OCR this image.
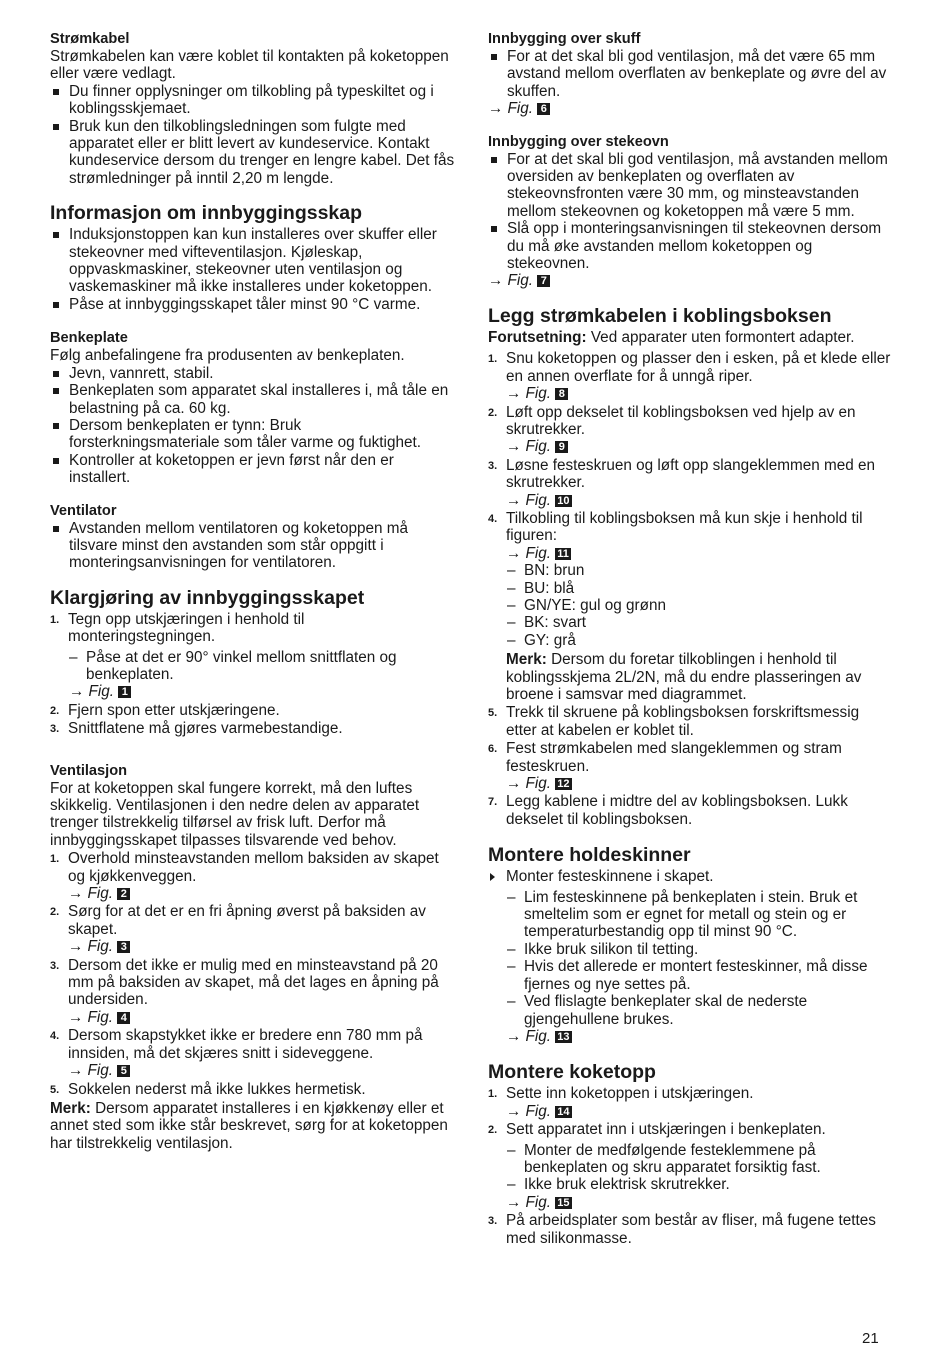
Strømkabel

Strømkabelen kan være koblet til kontakten på koketoppen eller være vedlagt.

Du finner opplysninger om tilkobling på typeskiltet og i koblingsskjemaet.
Bruk kun den tilkoblingsledningen som fulgte med apparatet eller er blitt levert av kundeservice. Kontakt kundeservice dersom du trenger en lengre kabel. Det fås strømledninger på inntil 2,20 m lengde.
Informasjon om innbyggingsskap
Induksjonstoppen kan kun installeres over skuffer eller stekeovner med vifteventilasjon. Kjøleskap, oppvaskmaskiner, stekeovner uten ventilasjon og vaskemaskiner må ikke installeres under koketoppen.
Påse at innbyggingsskapet tåler minst 90 °C varme.
Benkeplate

Følg anbefalingene fra produsenten av benkeplaten.

Jevn, vannrett, stabil.
Benkeplaten som apparatet skal installeres i, må tåle en belastning på ca. 60 kg.
Dersom benkeplaten er tynn: Bruk forsterkningsmateriale som tåler varme og fuktighet.
Kontroller at koketoppen er jevn først når den er installert.
Ventilator
Avstanden mellom ventilatoren og koketoppen må tilsvare minst den avstanden som står oppgitt i monteringsanvisningen for ventilatoren.
Klargjøring av innbyggingsskapet
1. Tegn opp utskjæringen i henhold til monteringstegningen.
– Påse at det er 90° vinkel mellom snittflaten og benkeplaten.
→ Fig. 1
2. Fjern spon etter utskjæringene.
3. Snittflatene må gjøres varmebestandige.
Ventilasjon

For at koketoppen skal fungere korrekt, må den luftes skikkelig. Ventilasjonen i den nedre delen av apparatet trenger tilstrekkelig tilførsel av frisk luft. Derfor må innbyggingsskapet tilpasses tilsvarende ved behov.

1. Overhold minsteavstanden mellom baksiden av skapet og kjøkkenveggen.
→ Fig. 2
2. Sørg for at det er en fri åpning øverst på baksiden av skapet.
→ Fig. 3
3. Dersom det ikke er mulig med en minsteavstand på 20 mm på baksiden av skapet, må det lages en åpning på undersiden.
→ Fig. 4
4. Dersom skapstykket ikke er bredere enn 780 mm på innsiden, må det skjæres snitt i sideveggene.
→ Fig. 5
5. Sokkelen nederst må ikke lukkes hermetisk.

Merk: Dersom apparatet installeres i en kjøkkenøy eller et annet sted som ikke står beskrevet, sørg for at koketoppen har tilstrekkelig ventilasjon.

Innbygging over skuff
For at det skal bli god ventilasjon, må det være 65 mm avstand mellom overflaten av benkeplate og øvre del av skuffen.
→ Fig. 6
Innbygging over stekeovn
For at det skal bli god ventilasjon, må avstanden mellom oversiden av benkeplaten og overflaten av stekeovnsfronten være 30 mm, og minsteavstanden mellom stekeovnen og koketoppen må være 5 mm.
Slå opp i monteringsanvisningen til stekeovnen dersom du må øke avstanden mellom koketoppen og stekeovnen.
→ Fig. 7
Legg strømkabelen i koblingsboksen

Forutsetning: Ved apparater uten formontert adapter.

1. Snu koketoppen og plasser den i esken, på et klede eller en annen overflate for å unngå riper.
→ Fig. 8
2. Løft opp dekselet til koblingsboksen ved hjelp av en skrutrekker.
→ Fig. 9
3. Løsne festeskruen og løft opp slangeklemmen med en skrutrekker.
→ Fig. 10
4. Tilkobling til koblingsboksen må kun skje i henhold til figuren:
→ Fig. 11
– BN: brun
– BU: blå
– GN/YE: gul og grønn
– BK: svart
– GY: grå

Merk: Dersom du foretar tilkoblingen i henhold til koblingsskjema 2L/2N, må du endre plasseringen av broene i samsvar med diagrammet.

5. Trekk til skruene på koblingsboksen forskriftsmessig etter at kabelen er koblet til.
6. Fest strømkabelen med slangeklemmen og stram festeskruen.
→ Fig. 12
7. Legg kablene i midtre del av koblingsboksen. Lukk dekselet til koblingsboksen.
Montere holdeskinner
Monter festeskinnene i skapet.
– Lim festeskinnene på benkeplaten i stein. Bruk et smeltelim som er egnet for metall og stein og er temperaturbestandig opp til minst 90 °C.
– Ikke bruk silikon til tetting.
– Hvis det allerede er montert festeskinner, må disse fjernes og nye settes på.
– Ved flislagte benkeplater skal de nederste gjengehullene brukes.
→ Fig. 13
Montere koketopp
1. Sette inn koketoppen i utskjæringen.
→ Fig. 14
2. Sett apparatet inn i utskjæringen i benkeplaten.
– Monter de medfølgende festeklemmene på benkeplaten og skru apparatet forsiktig fast.
– Ikke bruk elektrisk skrutrekker.
→ Fig. 15
3. På arbeidsplater som består av fliser, må fugene tettes med silikonmasse.
21
